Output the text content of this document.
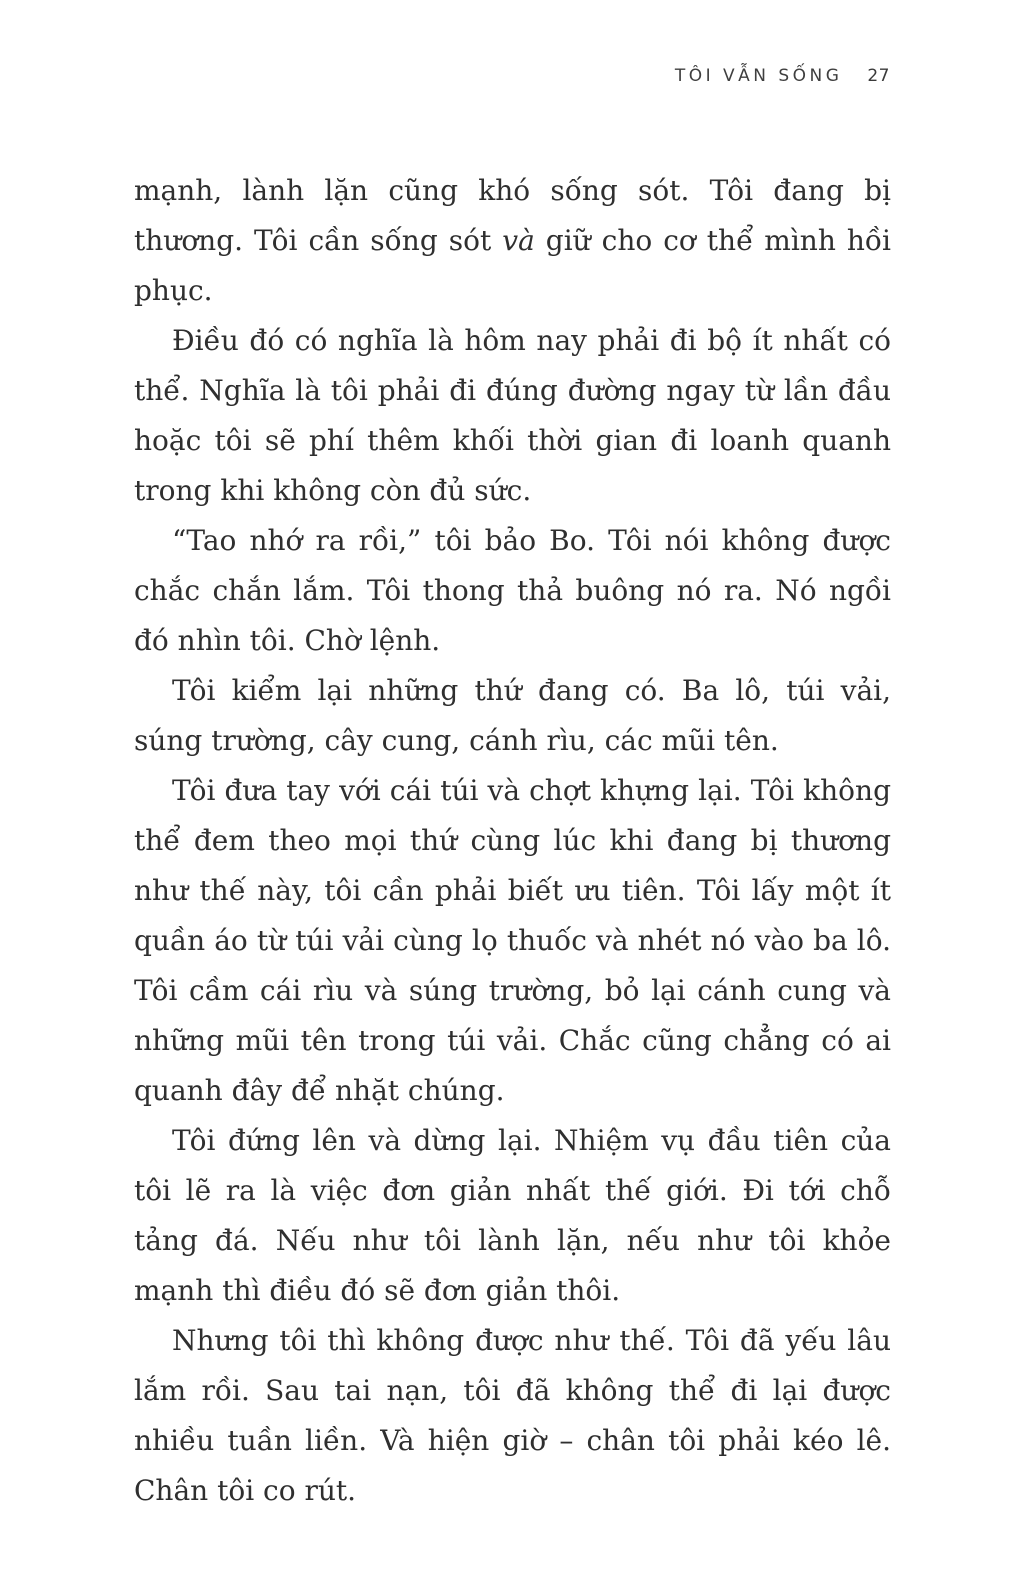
TÔI VẪN SỐNG 27

mạnh, lành lặn cũng khó sống sót. Tôi đang bị thương. Tôi cần sống sót và giữ cho cơ thể mình hồi phục.

Điều đó có nghĩa là hôm nay phải đi bộ ít nhất có thể. Nghĩa là tôi phải đi đúng đường ngay từ lần đầu hoặc tôi sẽ phí thêm khối thời gian đi loanh quanh trong khi không còn đủ sức.

“Tao nhớ ra rồi,” tôi bảo Bo. Tôi nói không được chắc chắn lắm. Tôi thong thả buông nó ra. Nó ngồi đó nhìn tôi. Chờ lệnh.

Tôi kiểm lại những thứ đang có. Ba lô, túi vải, súng trường, cây cung, cánh rìu, các mũi tên.

Tôi đưa tay với cái túi và chợt khựng lại. Tôi không thể đem theo mọi thứ cùng lúc khi đang bị thương như thế này, tôi cần phải biết ưu tiên. Tôi lấy một ít quần áo từ túi vải cùng lọ thuốc và nhét nó vào ba lô. Tôi cầm cái rìu và súng trường, bỏ lại cánh cung và những mũi tên trong túi vải. Chắc cũng chẳng có ai quanh đây để nhặt chúng.

Tôi đứng lên và dừng lại. Nhiệm vụ đầu tiên của tôi lẽ ra là việc đơn giản nhất thế giới. Đi tới chỗ tảng đá. Nếu như tôi lành lặn, nếu như tôi khỏe mạnh thì điều đó sẽ đơn giản thôi.

Nhưng tôi thì không được như thế. Tôi đã yếu lâu lắm rồi. Sau tai nạn, tôi đã không thể đi lại được nhiều tuần liền. Và hiện giờ – chân tôi phải kéo lê. Chân tôi co rút.
